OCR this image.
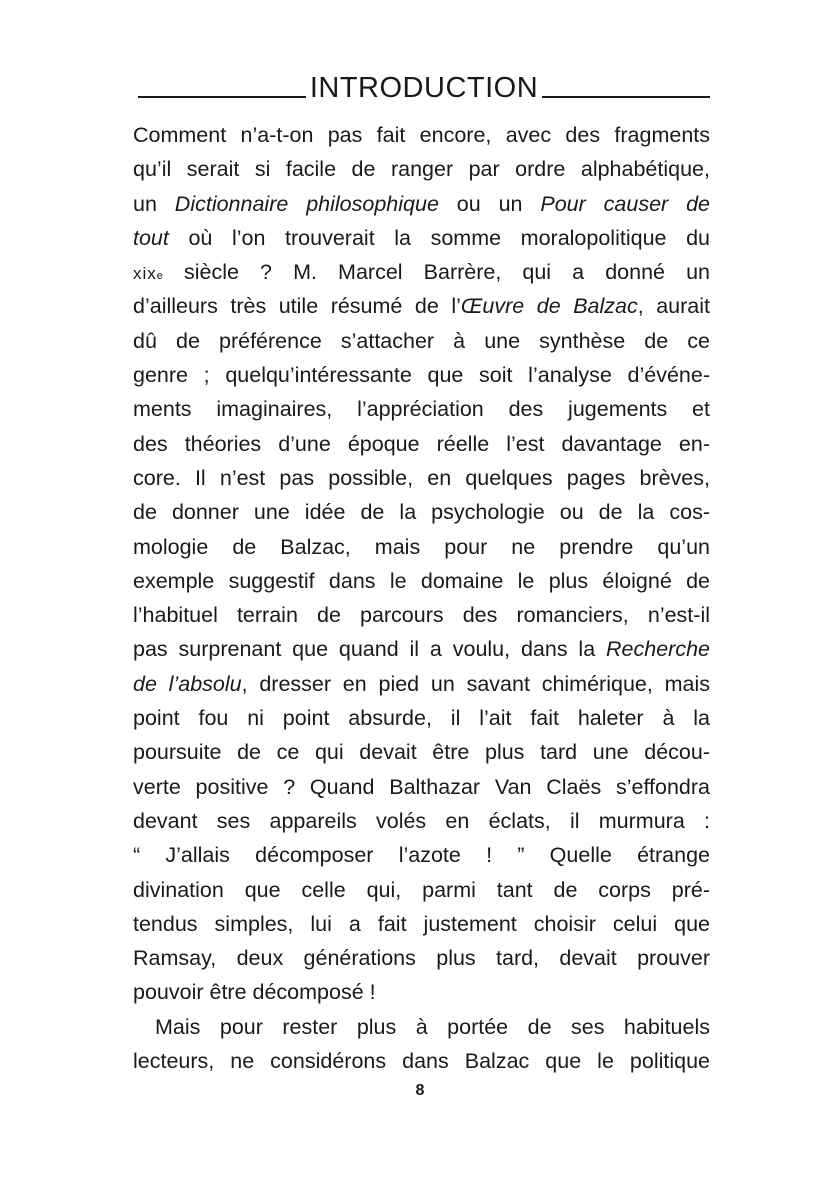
INTRODUCTION
Comment n’a-t-on pas fait encore, avec des fragments
qu’il serait si facile de ranger par ordre alphabétique,
un Dictionnaire philosophique ou un Pour causer de
tout où l’on trouverait la somme moralopolitique du
xix$^e$ siècle ? M. Marcel Barrère, qui a donné un
d’ailleurs très utile résumé de l’Œuvre de Balzac, aurait
dû de préférence s’attacher à une synthèse de ce
genre ; quelqu’intéressante que soit l’analyse d’événe-
ments imaginaires, l’appréciation des jugements et
des théories d’une époque réelle l’est davantage en-
core. Il n’est pas possible, en quelques pages brèves,
de donner une idée de la psychologie ou de la cos-
mologie de Balzac, mais pour ne prendre qu’un
exemple suggestif dans le domaine le plus éloigné de
l’habituel terrain de parcours des romanciers, n’est-il
pas surprenant que quand il a voulu, dans la Recherche
de l’absolu, dresser en pied un savant chimérique, mais
point fou ni point absurde, il l’ait fait haleter à la
poursuite de ce qui devait être plus tard une décou-
verte positive ? Quand Balthazar Van Claës s’effondra
devant ses appareils volés en éclats, il murmura :
“ J’allais décomposer l’azote ! ” Quelle étrange
divination que celle qui, parmi tant de corps pré-
tendus simples, lui a fait justement choisir celui que
Ramsay, deux générations plus tard, devait prouver
pouvoir être décomposé !
Mais pour rester plus à portée de ses habituels
lecteurs, ne considérons dans Balzac que le politique
8
